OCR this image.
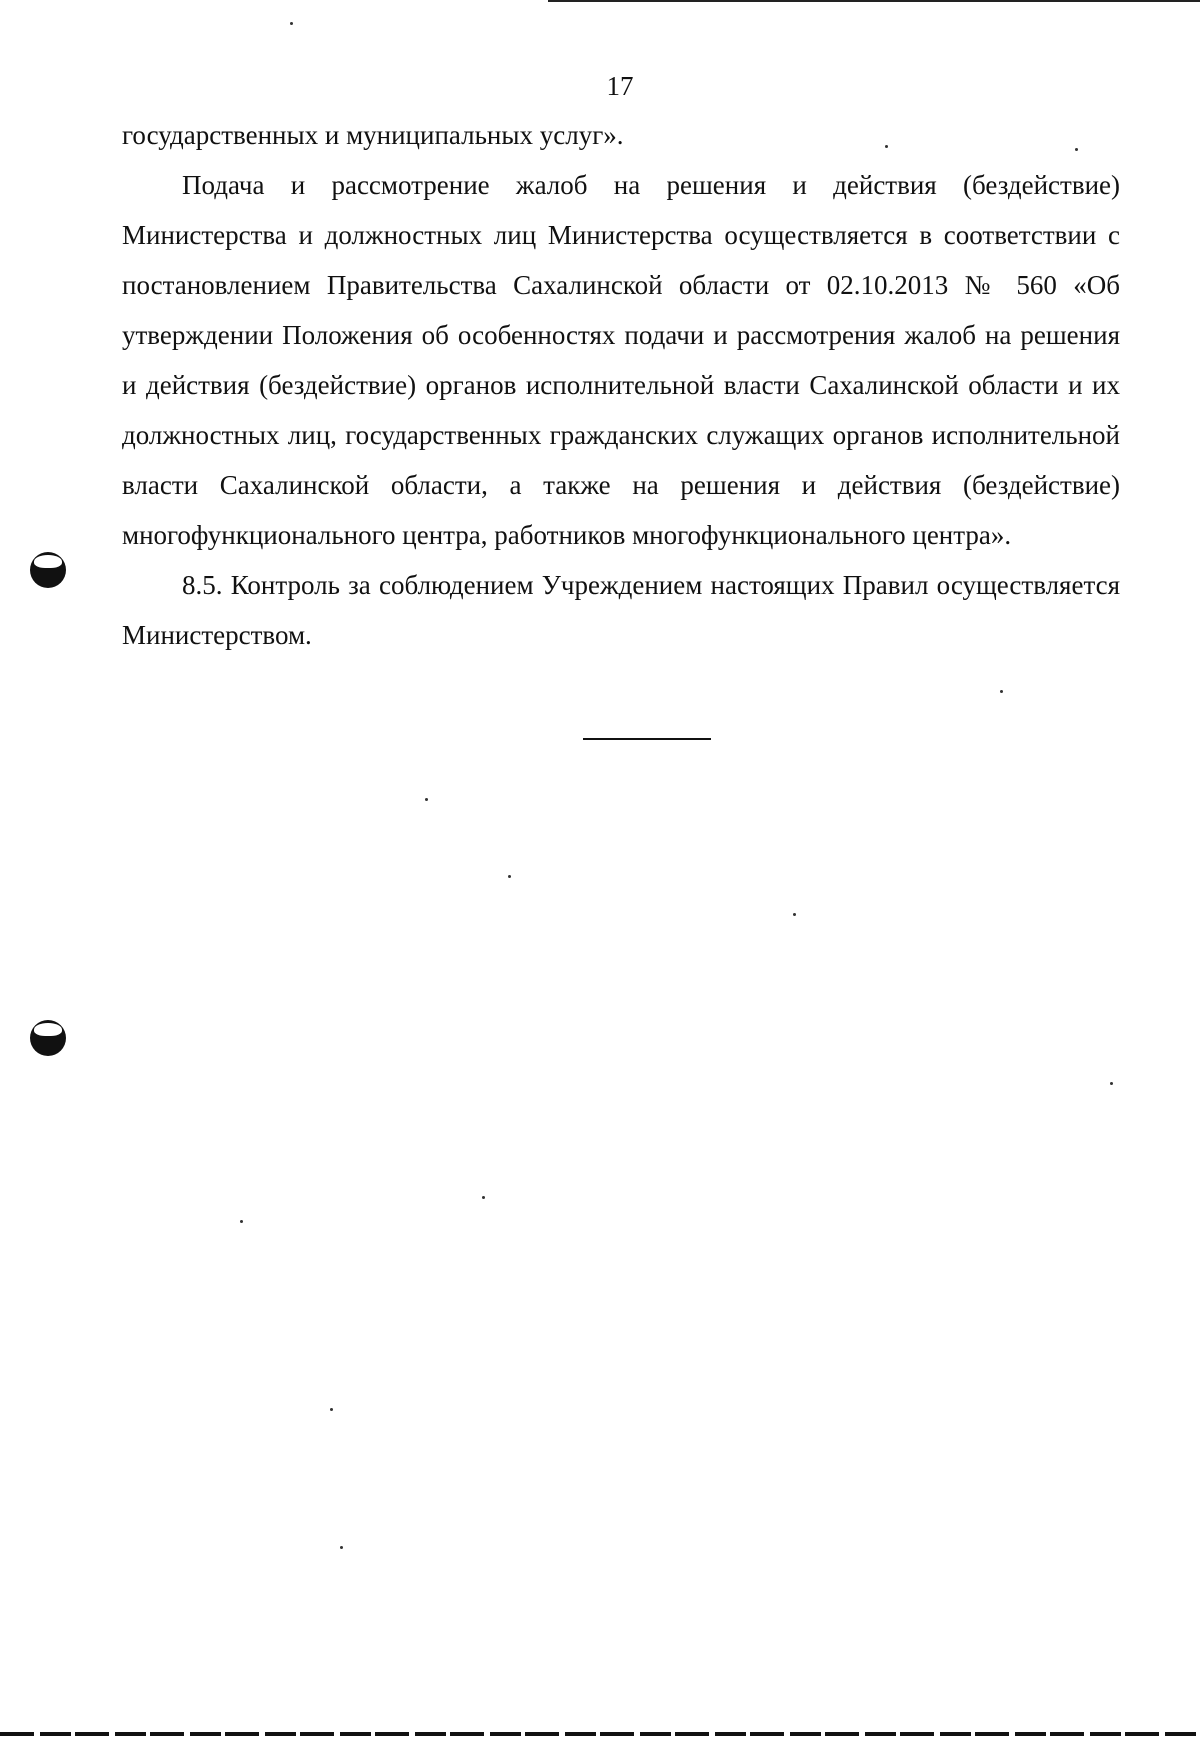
17

государственных и муниципальных услуг».

Подача и рассмотрение жалоб на решения и действия (бездействие) Министерства и должностных лиц Министерства осуществляется в соответствии с постановлением Правительства Сахалинской области от 02.10.2013 № 560 «Об утверждении Положения об особенностях подачи и рассмотрения жалоб на решения и действия (бездействие) органов исполнительной власти Сахалинской области и их должностных лиц, государственных гражданских служащих органов исполнительной власти Сахалинской области, а также на решения и действия (бездействие) многофункционального центра, работников многофункционального центра».

8.5. Контроль за соблюдением Учреждением настоящих Правил осуществляется Министерством.
